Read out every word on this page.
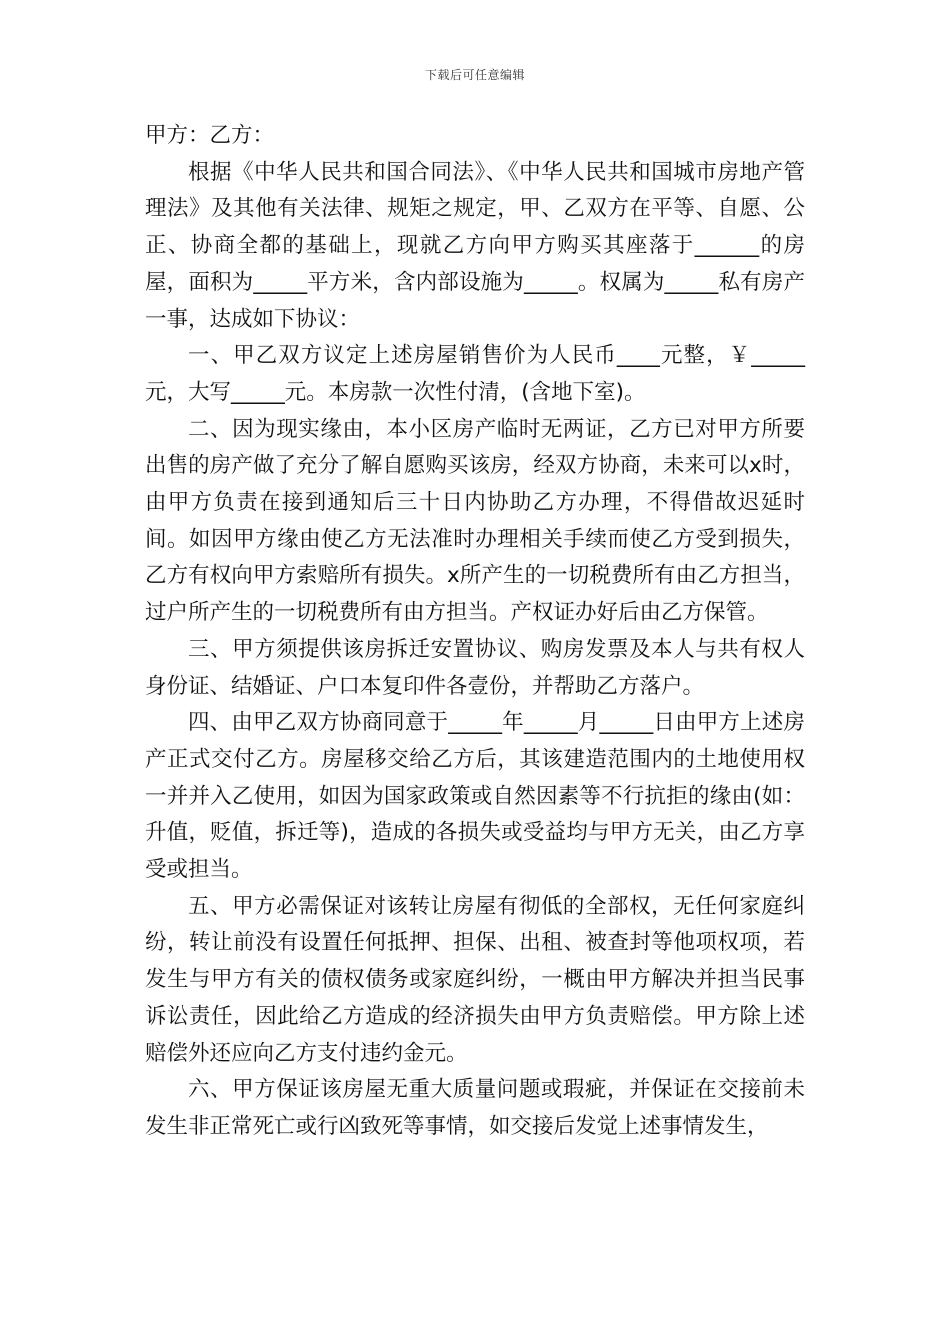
下载后可任意编辑

甲方：乙方：

根据《中华人民共和国合同法》、《中华人民共和国城市房地产管理法》及其他有关法律、规矩之规定，甲、乙双方在平等、自愿、公正、协商全都的基础上，现就乙方向甲方购买其座落于______的房屋，面积为_____平方米，含内部设施为_____。权属为_____私有房产一事，达成如下协议：

一、甲乙双方议定上述房屋销售价为人民币____元整，￥_____元，大写_____元。本房款一次性付清，(含地下室)。

二、因为现实缘由，本小区房产临时无两证，乙方已对甲方所要出售的房产做了充分了解自愿购买该房，经双方协商，未来可以x时，由甲方负责在接到通知后三十日内协助乙方办理，不得借故迟延时间。如因甲方缘由使乙方无法准时办理相关手续而使乙方受到损失，乙方有权向甲方索赔所有损失。x所产生的一切税费所有由乙方担当，过户所产生的一切税费所有由方担当。产权证办好后由乙方保管。

三、甲方须提供该房拆迁安置协议、购房发票及本人与共有权人身份证、结婚证、户口本复印件各壹份，并帮助乙方落户。

四、由甲乙双方协商同意于_____年_____月_____日由甲方上述房产正式交付乙方。房屋移交给乙方后，其该建造范围内的土地使用权一并并入乙使用，如因为国家政策或自然因素等不行抗拒的缘由(如：升值，贬值，拆迁等)，造成的各损失或受益均与甲方无关，由乙方享受或担当。

五、甲方必需保证对该转让房屋有彻低的全部权，无任何家庭纠纷，转让前没有设置任何抵押、担保、出租、被查封等他项权项，若发生与甲方有关的债权债务或家庭纠纷，一概由甲方解决并担当民事诉讼责任，因此给乙方造成的经济损失由甲方负责赔偿。甲方除上述赔偿外还应向乙方支付违约金元。

六、甲方保证该房屋无重大质量问题或瑕疵，并保证在交接前未发生非正常死亡或行凶致死等事情，如交接后发觉上述事情发生，
